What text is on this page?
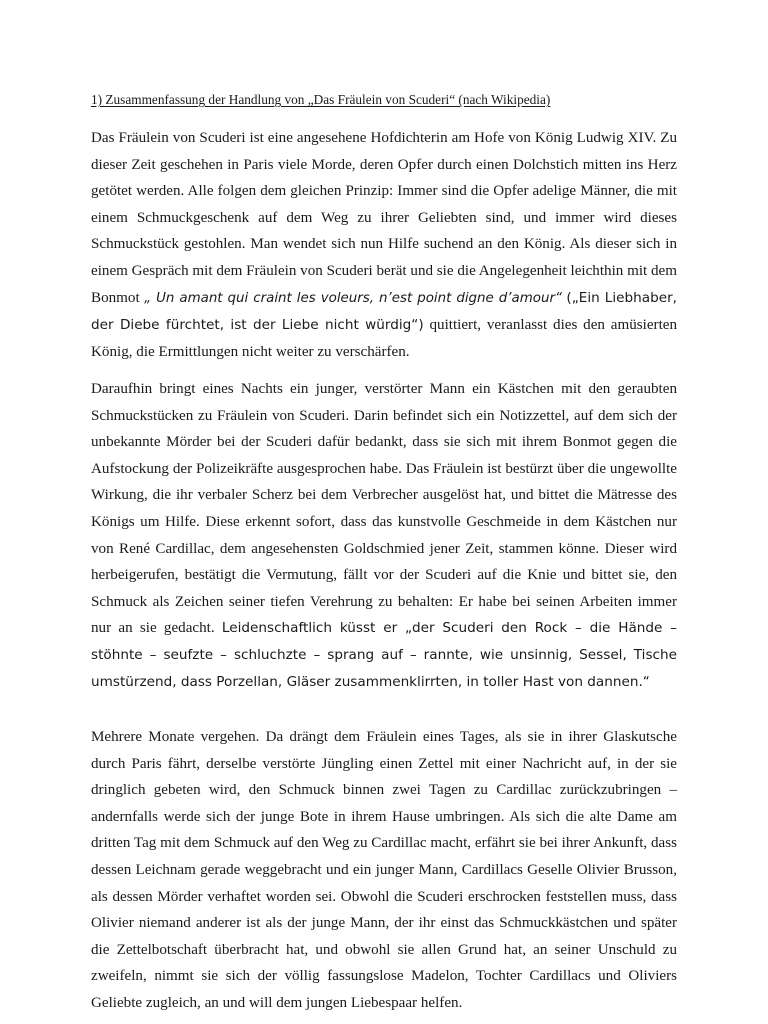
1) Zusammenfassung der Handlung von „Das Fräulein von Scuderi“ (nach Wikipedia)

Das Fräulein von Scuderi ist eine angesehene Hofdichterin am Hofe von König Ludwig XIV. Zu dieser Zeit geschehen in Paris viele Morde, deren Opfer durch einen Dolchstich mitten ins Herz getötet werden. Alle folgen dem gleichen Prinzip: Immer sind die Opfer adelige Männer, die mit einem Schmuckgeschenk auf dem Weg zu ihrer Geliebten sind, und immer wird dieses Schmuckstück gestohlen. Man wendet sich nun Hilfe suchend an den König. Als dieser sich in einem Gespräch mit dem Fräulein von Scuderi berät und sie die Angelegenheit leichthin mit dem Bonmot „ Un amant qui craint les voleurs, n’est point digne d’amour“ („Ein Liebhaber, der Diebe fürchtet, ist der Liebe nicht würdig“) quittiert, veranlasst dies den amüsierten König, die Ermittlungen nicht weiter zu verschärfen.

Daraufhin bringt eines Nachts ein junger, verstörter Mann ein Kästchen mit den geraubten Schmuckstücken zu Fräulein von Scuderi. Darin befindet sich ein Notizzettel, auf dem sich der unbekannte Mörder bei der Scuderi dafür bedankt, dass sie sich mit ihrem Bonmot gegen die Aufstockung der Polizeikräfte ausgesprochen habe. Das Fräulein ist bestürzt über die ungewollte Wirkung, die ihr verbaler Scherz bei dem Verbrecher ausgelöst hat, und bittet die Mätresse des Königs um Hilfe. Diese erkennt sofort, dass das kunstvolle Geschmeide in dem Kästchen nur von René Cardillac, dem angesehensten Goldschmied jener Zeit, stammen könne. Dieser wird herbeigerufen, bestätigt die Vermutung, fällt vor der Scuderi auf die Knie und bittet sie, den Schmuck als Zeichen seiner tiefen Verehrung zu behalten: Er habe bei seinen Arbeiten immer nur an sie gedacht. Leidenschaftlich küsst er „der Scuderi den Rock – die Hände – stöhnte – seufzte – schluchzte – sprang auf – rannte, wie unsinnig, Sessel, Tische umstürzend, dass Porzellan, Gläser zusammenklirrten, in toller Hast von dannen.“

Mehrere Monate vergehen. Da drängt dem Fräulein eines Tages, als sie in ihrer Glaskutsche durch Paris fährt, derselbe verstörte Jüngling einen Zettel mit einer Nachricht auf, in der sie dringlich gebeten wird, den Schmuck binnen zwei Tagen zu Cardillac zurückzubringen – andernfalls werde sich der junge Bote in ihrem Hause umbringen. Als sich die alte Dame am dritten Tag mit dem Schmuck auf den Weg zu Cardillac macht, erfährt sie bei ihrer Ankunft, dass dessen Leichnam gerade weggebracht und ein junger Mann, Cardillacs Geselle Olivier Brusson, als dessen Mörder verhaftet worden sei. Obwohl die Scuderi erschrocken feststellen muss, dass Olivier niemand anderer ist als der junge Mann, der ihr einst das Schmuckkästchen und später die Zettelbotschaft überbracht hat, und obwohl sie allen Grund hat, an seiner Unschuld zu zweifeln, nimmt sie sich der völlig fassungslose Madelon, Tochter Cardillacs und Oliviers Geliebte zugleich, an und will dem jungen Liebespaar helfen.
